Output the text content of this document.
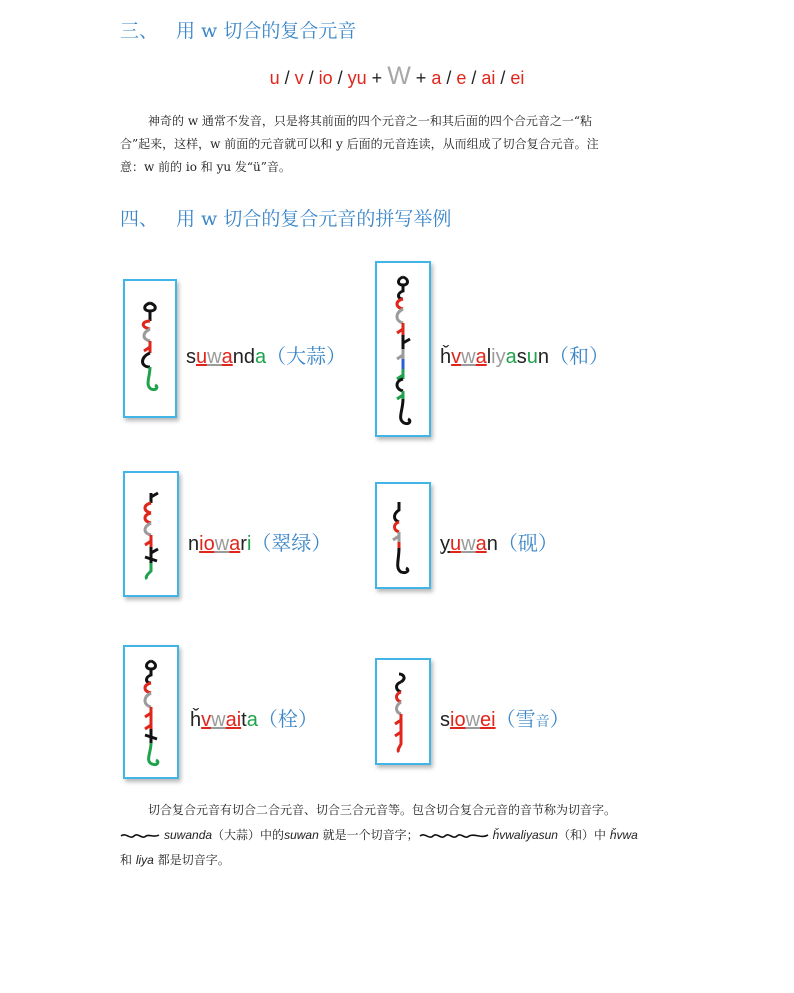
三、 用 w 切合的复合元音
u / v / io / yu + W + a / e / ai / ei
神奇的 w 通常不发音，只是将其前面的四个元音之一和其后面的四个合元音之一“粘
合”起来，这样，w 前面的元音就可以和 y 后面的元音连读，从而组成了切合复合元音。注
意：w 前的 io 和 yu 发“ü”音。
四、 用 w 切合的复合元音的拼写举例
suwanda（大蒜）	ȟvwaliyasun（和）
niowari（翠绿）	yuwan（砚）
ȟvwaita（栓）	siowei（雪音）
切合复合元音有切合二合元音、切合三合元音等。包含切合复合元音的音节称为切音字。
suwanda（大蒜）中的suwan 就是一个切音字；	ȟvwaliyasun（和）中 ȟvwa
和 liya 都是切音字。
